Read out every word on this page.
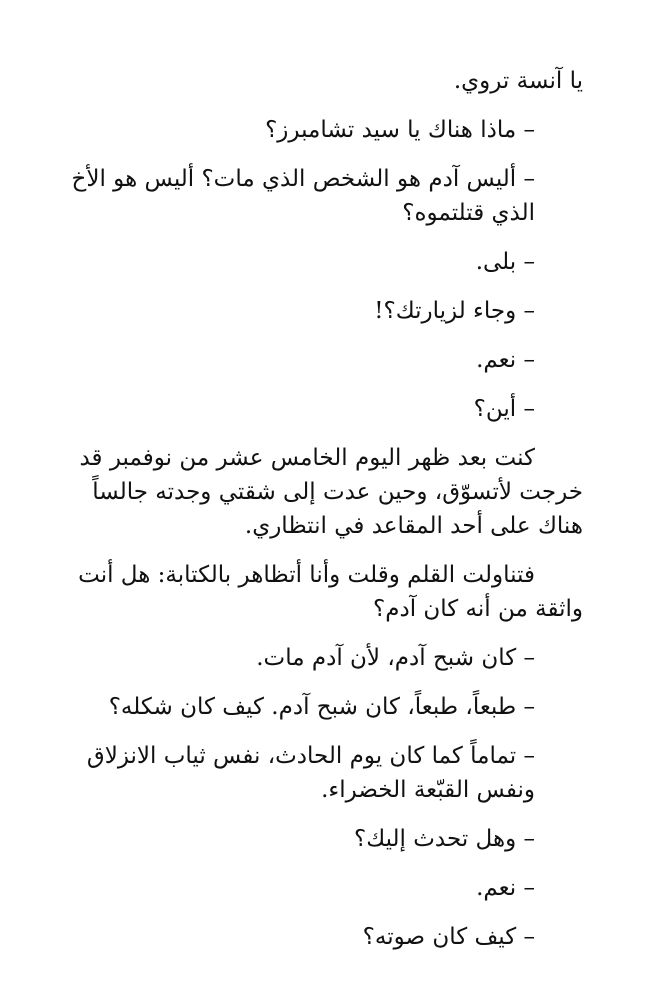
يا آنسة تروي.

– ماذا هناك يا سيد تشامبرز؟

– أليس آدم هو الشخص الذي مات؟ أليس هو الأخ الذي قتلتموه؟

– بلى.

– وجاء لزيارتك؟!

– نعم.

– أين؟

كنت بعد ظهر اليوم الخامس عشر من نوفمبر قد خرجت لأتسوّق، وحين عدت إلى شقتي وجدته جالساً هناك على أحد المقاعد في انتظاري.

فتناولت القلم وقلت وأنا أتظاهر بالكتابة: هل أنت واثقة من أنه كان آدم؟

– كان شبح آدم، لأن آدم مات.

– طبعاً، طبعاً، كان شبح آدم. كيف كان شكله؟

– تماماً كما كان يوم الحادث، نفس ثياب الانزلاق ونفس القبّعة الخضراء.

– وهل تحدث إليك؟

– نعم.

– كيف كان صوته؟
